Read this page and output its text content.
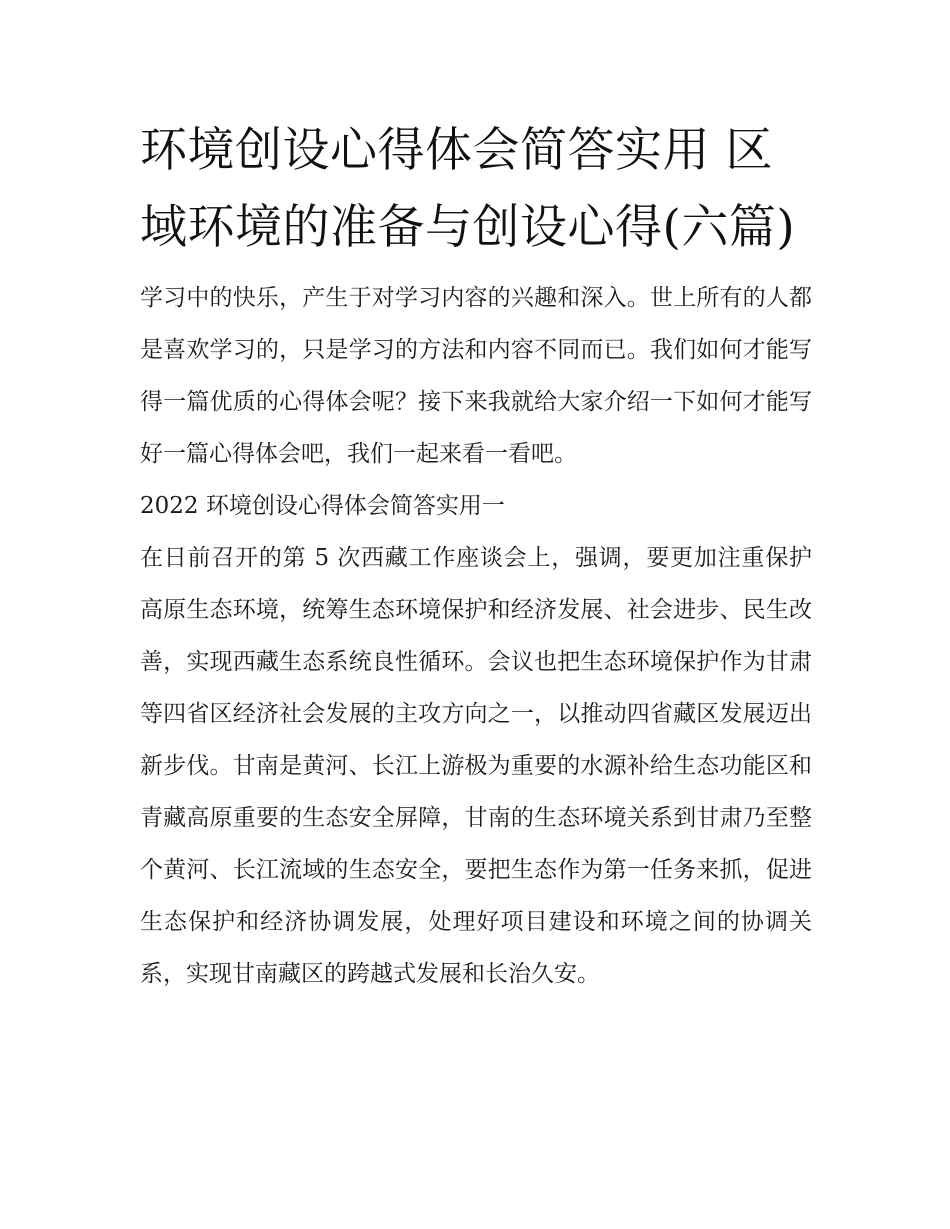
环境创设心得体会简答实用 区域环境的准备与创设心得(六篇)

学习中的快乐，产生于对学习内容的兴趣和深入。世上所有的人都是喜欢学习的，只是学习的方法和内容不同而已。我们如何才能写得一篇优质的心得体会呢？接下来我就给大家介绍一下如何才能写好一篇心得体会吧，我们一起来看一看吧。

2022 环境创设心得体会简答实用一

在日前召开的第 5 次西藏工作座谈会上，强调，要更加注重保护高原生态环境，统筹生态环境保护和经济发展、社会进步、民生改善，实现西藏生态系统良性循环。会议也把生态环境保护作为甘肃等四省区经济社会发展的主攻方向之一，以推动四省藏区发展迈出新步伐。甘南是黄河、长江上游极为重要的水源补给生态功能区和青藏高原重要的生态安全屏障，甘南的生态环境关系到甘肃乃至整个黄河、长江流域的生态安全，要把生态作为第一任务来抓，促进生态保护和经济协调发展，处理好项目建设和环境之间的协调关系，实现甘南藏区的跨越式发展和长治久安。
